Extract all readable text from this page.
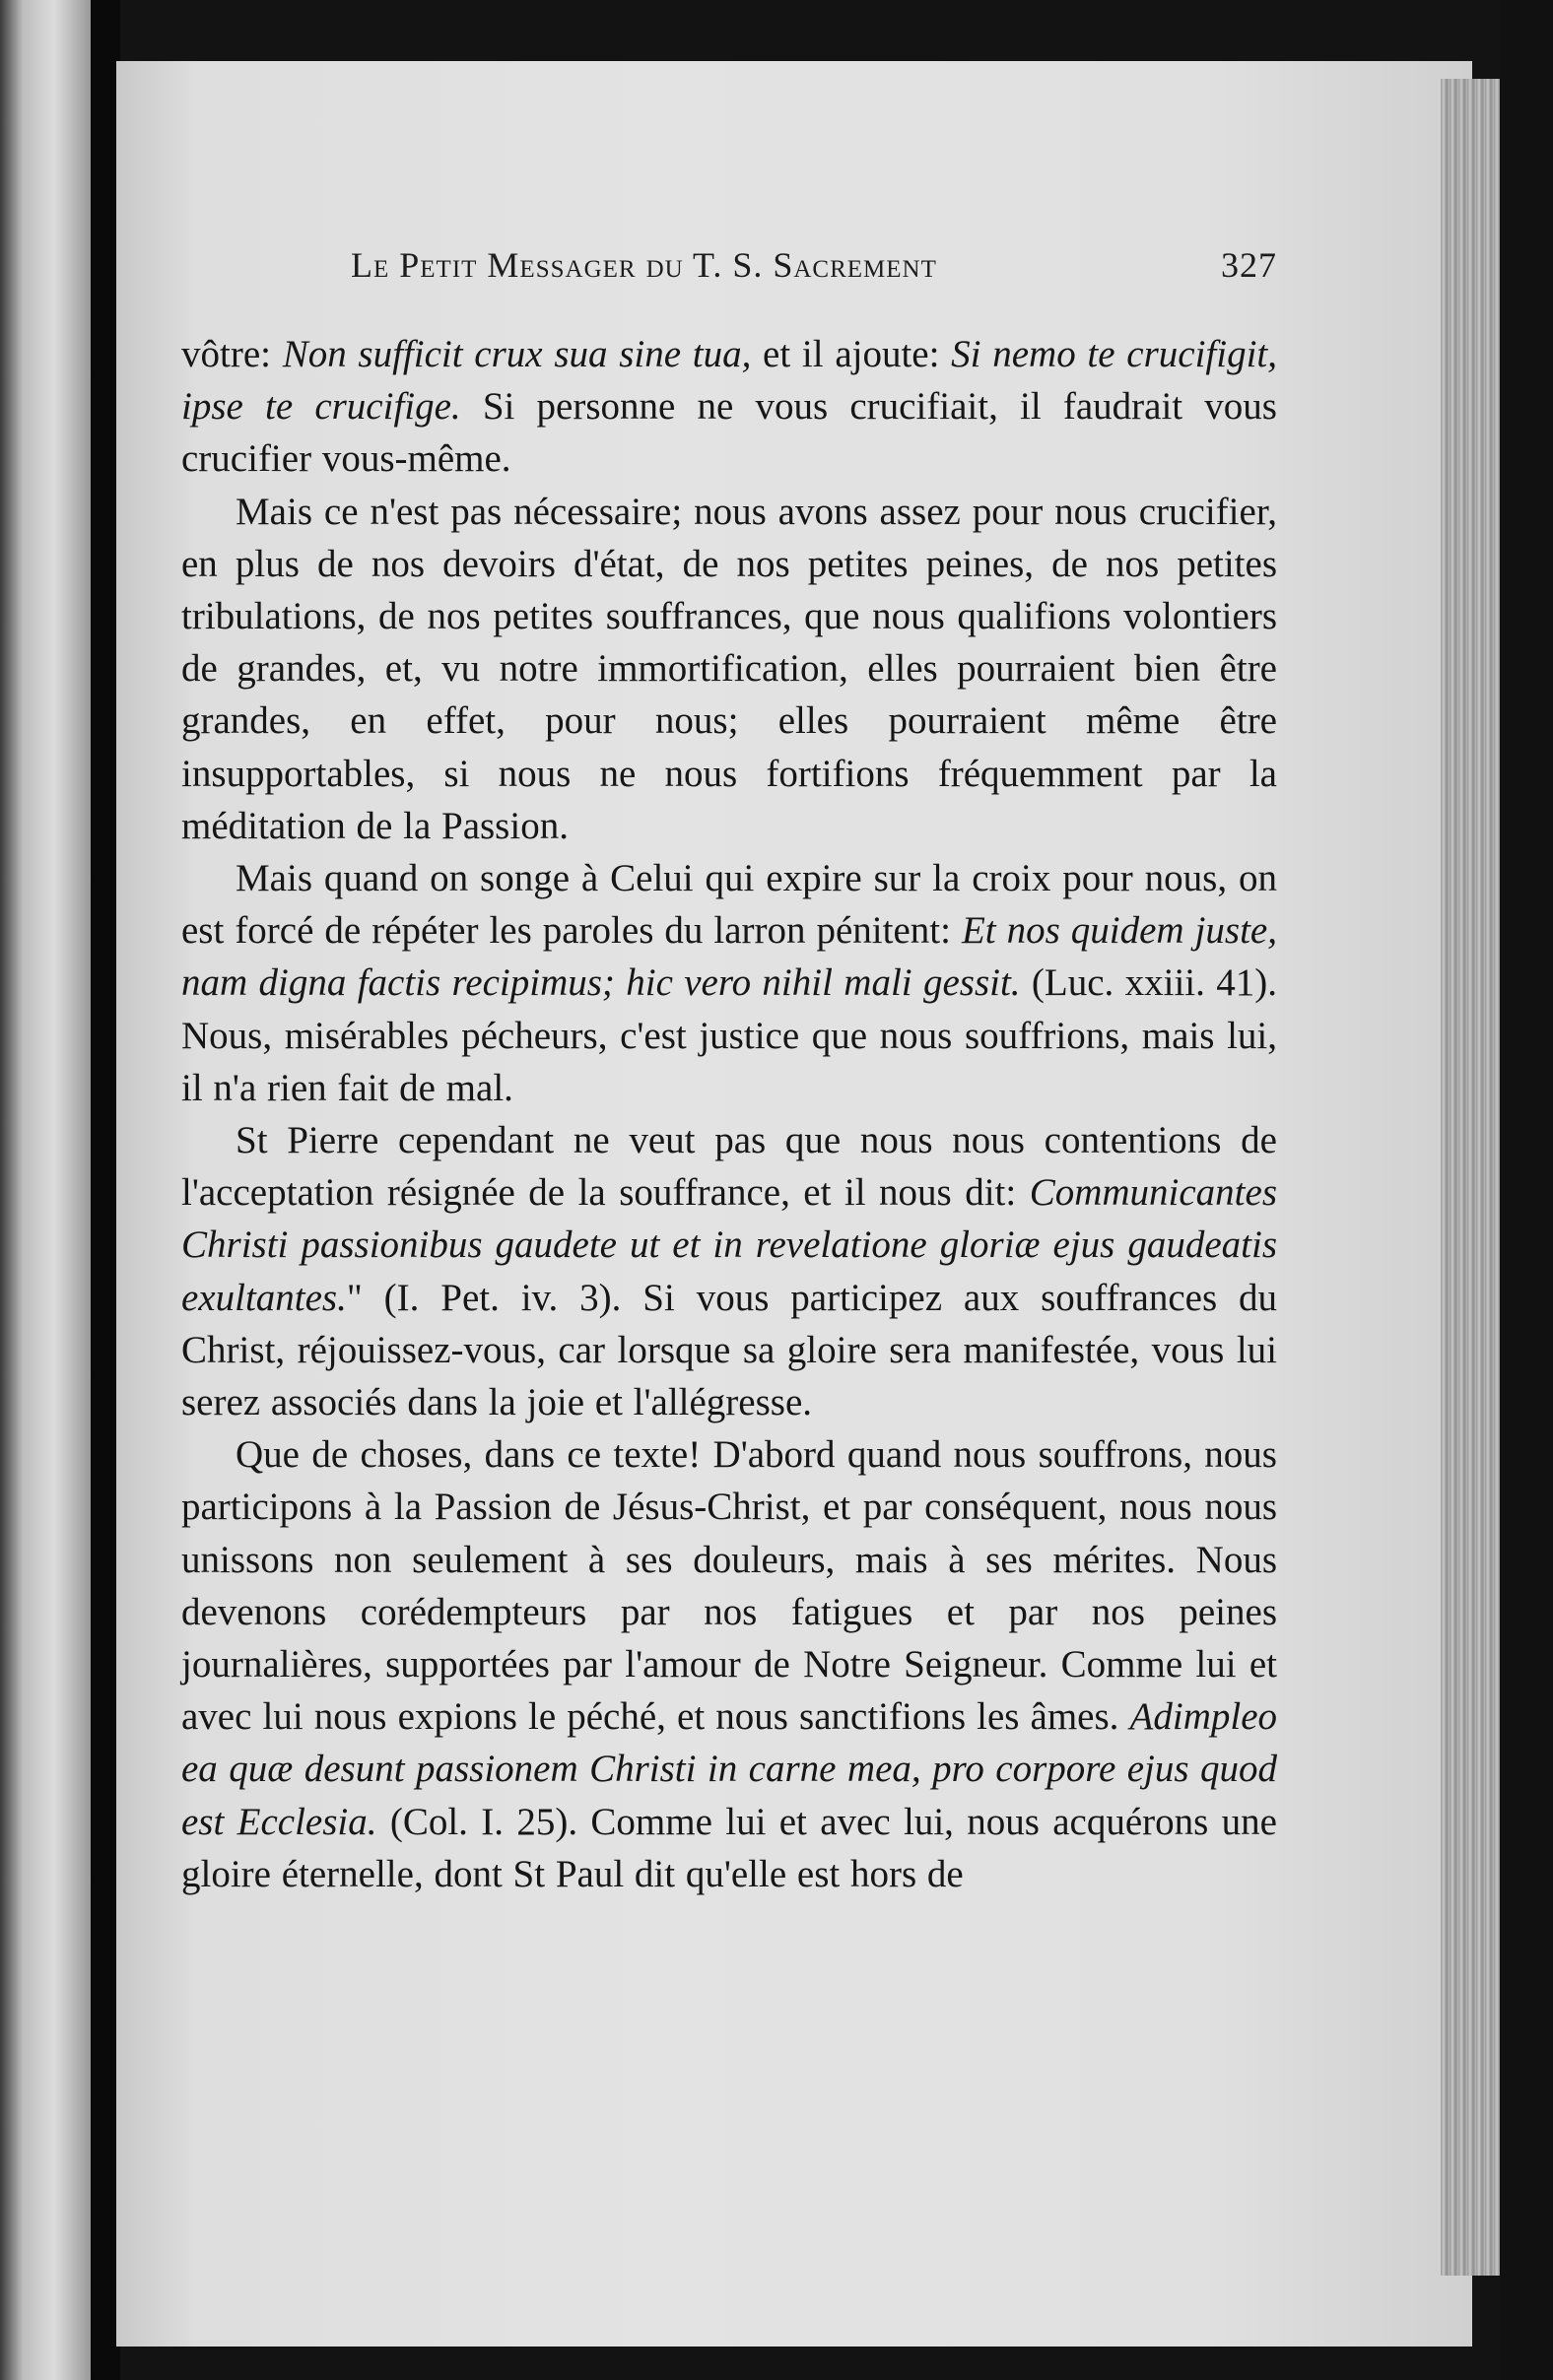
Le Petit Messager du T. S. Sacrement	327

vôtre: Non sufficit crux sua sine tua, et il ajoute: Si nemo te crucifigit, ipse te crucifige. Si personne ne vous crucifiait, il faudrait vous crucifier vous-même.

Mais ce n'est pas nécessaire; nous avons assez pour nous crucifier, en plus de nos devoirs d'état, de nos petites peines, de nos petites tribulations, de nos petites souffrances, que nous qualifions volontiers de grandes, et, vu notre immortification, elles pourraient bien être grandes, en effet, pour nous; elles pourraient même être insupportables, si nous ne nous fortifions fréquemment par la méditation de la Passion.

Mais quand on songe à Celui qui expire sur la croix pour nous, on est forcé de répéter les paroles du larron pénitent: Et nos quidem juste, nam digna factis recipimus; hic vero nihil mali gessit. (Luc. xxiii. 41). Nous, misérables pécheurs, c'est justice que nous souffrions, mais lui, il n'a rien fait de mal.

St Pierre cependant ne veut pas que nous nous contentions de l'acceptation résignée de la souffrance, et il nous dit: Communicantes Christi passionibus gaudete ut et in revelatione gloriæ ejus gaudeatis exultantes." (I. Pet. iv. 3). Si vous participez aux souffrances du Christ, réjouissez-vous, car lorsque sa gloire sera manifestée, vous lui serez associés dans la joie et l'allégresse.

Que de choses, dans ce texte! D'abord quand nous souffrons, nous participons à la Passion de Jésus-Christ, et par conséquent, nous nous unissons non seulement à ses douleurs, mais à ses mérites. Nous devenons corédempteurs par nos fatigues et par nos peines journalières, supportées par l'amour de Notre Seigneur. Comme lui et avec lui nous expions le péché, et nous sanctifions les âmes. Adimpleo ea quæ desunt passionem Christi in carne mea, pro corpore ejus quod est Ecclesia. (Col. I. 25). Comme lui et avec lui, nous acquérons une gloire éternelle, dont St Paul dit qu'elle est hors de
